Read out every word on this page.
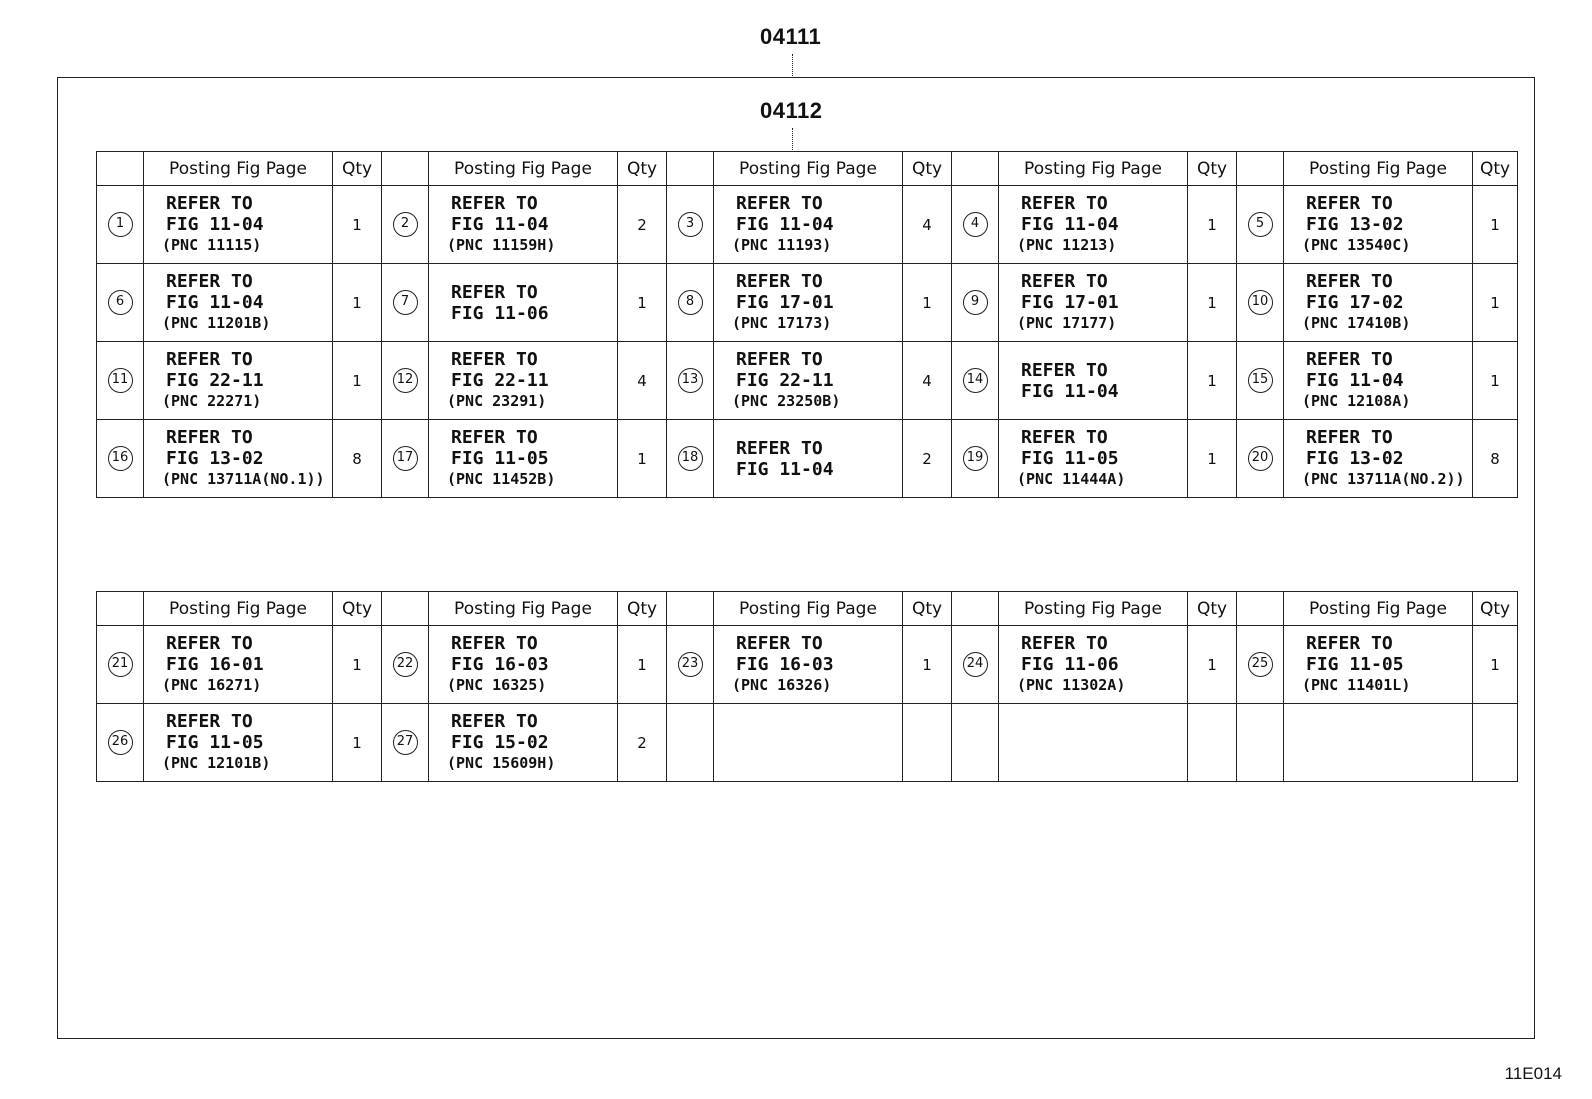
04111
04112
	Posting Fig Page	Qty		Posting Fig Page	Qty		Posting Fig Page	Qty		Posting Fig Page	Qty		Posting Fig Page	Qty
1	REFER TO
FIG 11-04
(PNC 11115)	1	2	REFER TO
FIG 11-04
(PNC 11159H)	2	3	REFER TO
FIG 11-04
(PNC 11193)	4	4	REFER TO
FIG 11-04
(PNC 11213)	1	5	REFER TO
FIG 13-02
(PNC 13540C)	1
6	REFER TO
FIG 11-04
(PNC 11201B)	1	7	REFER TO
FIG 11-06	1	8	REFER TO
FIG 17-01
(PNC 17173)	1	9	REFER TO
FIG 17-01
(PNC 17177)	1	10	REFER TO
FIG 17-02
(PNC 17410B)	1
11	REFER TO
FIG 22-11
(PNC 22271)	1	12	REFER TO
FIG 22-11
(PNC 23291)	4	13	REFER TO
FIG 22-11
(PNC 23250B)	4	14	REFER TO
FIG 11-04	1	15	REFER TO
FIG 11-04
(PNC 12108A)	1
16	REFER TO
FIG 13-02
(PNC 13711A(NO.1))	8	17	REFER TO
FIG 11-05
(PNC 11452B)	1	18	REFER TO
FIG 11-04	2	19	REFER TO
FIG 11-05
(PNC 11444A)	1	20	REFER TO
FIG 13-02
(PNC 13711A(NO.2))	8
	Posting Fig Page	Qty		Posting Fig Page	Qty		Posting Fig Page	Qty		Posting Fig Page	Qty		Posting Fig Page	Qty
21	REFER TO
FIG 16-01
(PNC 16271)	1	22	REFER TO
FIG 16-03
(PNC 16325)	1	23	REFER TO
FIG 16-03
(PNC 16326)	1	24	REFER TO
FIG 11-06
(PNC 11302A)	1	25	REFER TO
FIG 11-05
(PNC 11401L)	1
26	REFER TO
FIG 11-05
(PNC 12101B)	1	27	REFER TO
FIG 15-02
(PNC 15609H)	2									
11E014
